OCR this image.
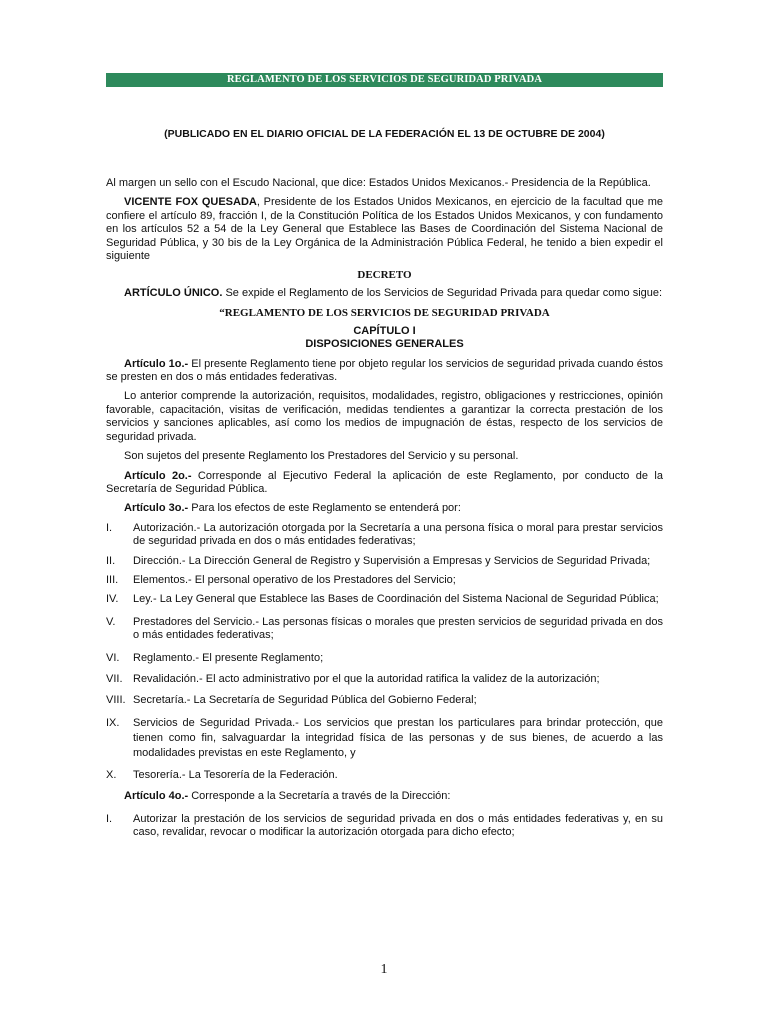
REGLAMENTO DE LOS SERVICIOS DE SEGURIDAD PRIVADA
(PUBLICADO EN EL DIARIO OFICIAL DE LA FEDERACIÓN EL 13 DE OCTUBRE DE 2004)

Al margen un sello con el Escudo Nacional, que dice: Estados Unidos Mexicanos.- Presidencia de la República.

VICENTE FOX QUESADA, Presidente de los Estados Unidos Mexicanos, en ejercicio de la facultad que me confiere el artículo 89, fracción I, de la Constitución Política de los Estados Unidos Mexicanos, y con fundamento en los artículos 52 a 54 de la Ley General que Establece las Bases de Coordinación del Sistema Nacional de Seguridad Pública, y 30 bis de la Ley Orgánica de la Administración Pública Federal, he tenido a bien expedir el siguiente

DECRETO

ARTÍCULO ÚNICO. Se expide el Reglamento de los Servicios de Seguridad Privada para quedar como sigue:

“REGLAMENTO DE LOS SERVICIOS DE SEGURIDAD PRIVADA
CAPÍTULO I
DISPOSICIONES GENERALES

Artículo 1o.- El presente Reglamento tiene por objeto regular los servicios de seguridad privada cuando éstos se presten en dos o más entidades federativas.

Lo anterior comprende la autorización, requisitos, modalidades, registro, obligaciones y restricciones, opinión favorable, capacitación, visitas de verificación, medidas tendientes a garantizar la correcta prestación de los servicios y sanciones aplicables, así como los medios de impugnación de éstas, respecto de los servicios de seguridad privada.

Son sujetos del presente Reglamento los Prestadores del Servicio y su personal.

Artículo 2o.- Corresponde al Ejecutivo Federal la aplicación de este Reglamento, por conducto de la Secretaría de Seguridad Pública.

Artículo 3o.- Para los efectos de este Reglamento se entenderá por:

I.	Autorización.- La autorización otorgada por la Secretaría a una persona física o moral para prestar servicios de seguridad privada en dos o más entidades federativas;
II.	Dirección.- La Dirección General de Registro y Supervisión a Empresas y Servicios de Seguridad Privada;
III.	Elementos.- El personal operativo de los Prestadores del Servicio;
IV.	Ley.- La Ley General que Establece las Bases de Coordinación del Sistema Nacional de Seguridad Pública;
V.	Prestadores del Servicio.- Las personas físicas o morales que presten servicios de seguridad privada en dos o más entidades federativas;
VI.	Reglamento.- El presente Reglamento;
VII. Revalidación.- El acto administrativo por el que la autoridad ratifica la validez de la autorización;
VIII. Secretaría.- La Secretaría de Seguridad Pública del Gobierno Federal;
IX.	Servicios de Seguridad Privada.- Los servicios que prestan los particulares para brindar protección, que tienen como fin, salvaguardar la integridad física de las personas y de sus bienes, de acuerdo a las modalidades previstas en este Reglamento, y
X.	Tesorería.- La Tesorería de la Federación.

Artículo 4o.- Corresponde a la Secretaría a través de la Dirección:

I.	Autorizar la prestación de los servicios de seguridad privada en dos o más entidades federativas y, en su caso, revalidar, revocar o modificar la autorización otorgada para dicho efecto;
1
